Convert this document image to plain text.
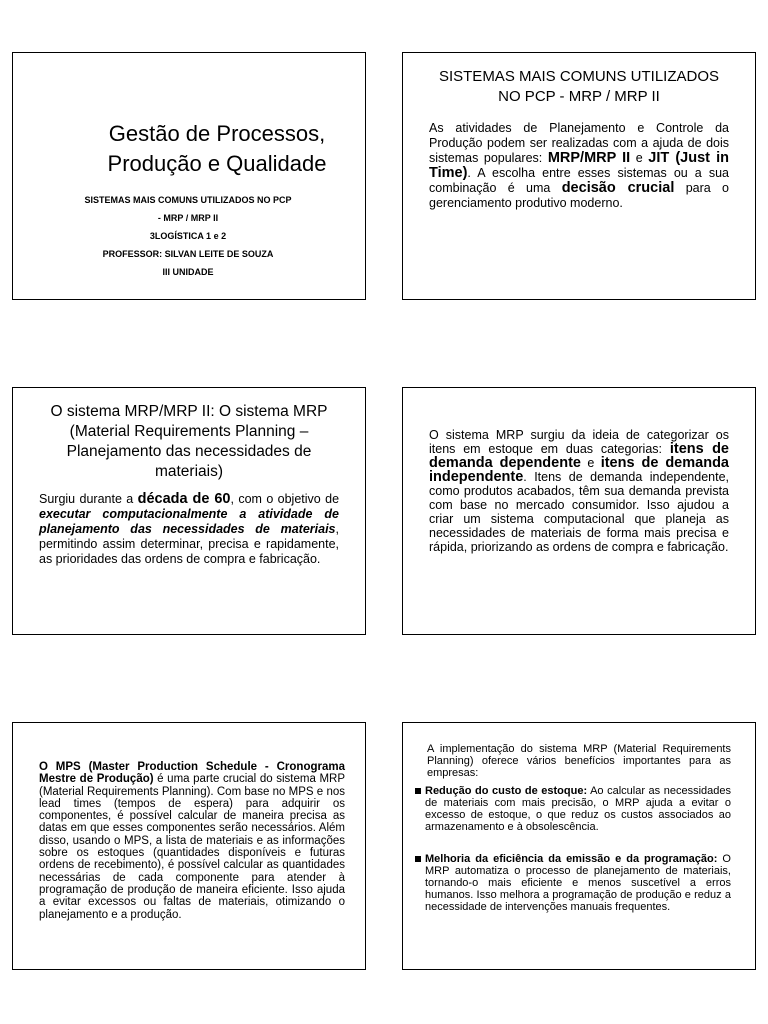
Gestão de Processos,
Produção e Qualidade
SISTEMAS MAIS COMUNS UTILIZADOS NO PCP
- MRP / MRP II
3LOGÍSTICA 1 e 2
PROFESSOR: SILVAN LEITE DE SOUZA
III UNIDADE
SISTEMAS MAIS COMUNS UTILIZADOS
NO PCP - MRP / MRP II
As atividades de Planejamento e Controle da Produção podem ser realizadas com a ajuda de dois sistemas populares: MRP/MRP II e JIT (Just in Time). A escolha entre esses sistemas ou a sua combinação é uma decisão crucial para o gerenciamento produtivo moderno.
O sistema MRP/MRP II: O sistema MRP (Material Requirements Planning – Planejamento das necessidades de materiais)
Surgiu durante a década de 60, com o objetivo de executar computacionalmente a atividade de planejamento das necessidades de materiais, permitindo assim determinar, precisa e rapidamente, as prioridades das ordens de compra e fabricação.
O sistema MRP surgiu da ideia de categorizar os itens em estoque em duas categorias: itens de demanda dependente e itens de demanda independente. Itens de demanda independente, como produtos acabados, têm sua demanda prevista com base no mercado consumidor. Isso ajudou a criar um sistema computacional que planeja as necessidades de materiais de forma mais precisa e rápida, priorizando as ordens de compra e fabricação.
O MPS (Master Production Schedule - Cronograma Mestre de Produção) é uma parte crucial do sistema MRP (Material Requirements Planning). Com base no MPS e nos lead times (tempos de espera) para adquirir os componentes, é possível calcular de maneira precisa as datas em que esses componentes serão necessários. Além disso, usando o MPS, a lista de materiais e as informações sobre os estoques (quantidades disponíveis e futuras ordens de recebimento), é possível calcular as quantidades necessárias de cada componente para atender à programação de produção de maneira eficiente. Isso ajuda a evitar excessos ou faltas de materiais, otimizando o planejamento e a produção.
A implementação do sistema MRP (Material Requirements Planning) oferece vários benefícios importantes para as empresas:
Redução do custo de estoque: Ao calcular as necessidades de materiais com mais precisão, o MRP ajuda a evitar o excesso de estoque, o que reduz os custos associados ao armazenamento e à obsolescência.
Melhoria da eficiência da emissão e da programação: O MRP automatiza o processo de planejamento de materiais, tornando-o mais eficiente e menos suscetível a erros humanos. Isso melhora a programação de produção e reduz a necessidade de intervenções manuais frequentes.
